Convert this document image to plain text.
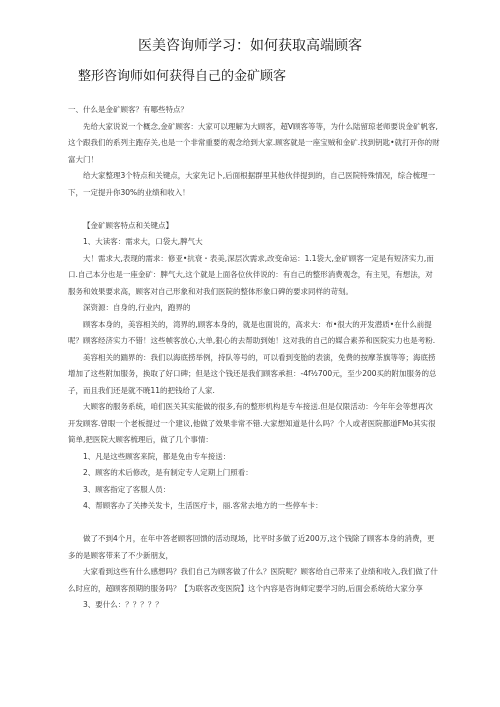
医美咨询师学习：如何获取高端顾客
整形咨询师如何获得自己的金矿顾客

一、什么是金矿顾客？有哪些特点？

先给大家说说一个概念,金矿顾客：大家可以理解为大顾客，超V顾客等等，为什么陆留琼老师要说金矿帆客,这个跟我们的系列主跑存关,也是一个非常重要的观念给到大家.顾客就是一座宝贼和金矿.找到钥匙•就打开你的财富大门！

给大家整理3个特点和关键点，大家先记卜,后面根据群里其他伙伴提到的，自己医院特殊情况，综合梳理一下，一定提升你30%的业绩和收入！

【金矿顾客特点和关键点】

1、大读客：需求大，口袋大,脾气大

大！需求大,表现的需求：修亚•抗衰・表美,深层次需求,改变命运：1.1袋大,金矿顾客一定是有短济实力,而口.自己本分也是一座金矿：脾气大,这个就是上面各位伙伴说的：有自己的整形消费观念，有主见，有想法，对服务和效果要求高，顾客对自己形象和对我们医院的整体形象口碑的要求同样的苛刻。

深资源：自身的,行业内，跑界的

顾客本身的，美容相关的，湾界的,顾客本身的，就是也面说的，高求大：布•很大的开发潜质•在什么前提呢？顾客经济实力不错！这些帧客放心,大单,狠心的去帮助到她！这对我的自己的媒合素养和医院实力也是考粉.

美容相关的踹界的：我们以海底捞举例，持队等号的，可以看到变胎的表演，免费的按摩茶旗等等；海底捞增加了这些附加服务，换取了好口碑；但是这个钱还是我们顾客承担：-4f½700元，至少200买的附加服务的总子，而且我们还是就不暁11的把钱给了人家.

大顾客的服务系统，咱们医关其实能做的很多,有的整形机构是专车接送.但是仅限活动：今年年会等想再次开发顾客.曾眼一个老板提过一个建议,他做了效果非常不错.大家想知道是什么吗？个人或者医院都道FMo其实很简单,把医院大顾客梳理后，做了几个事情：

1、凡是这些顾客来院，都是免由专车接送：

2、顾客的术后修改，是有制定专人定期上门照看：

3、顾客指定了客服人员：

4、帮顾客办了关掺关发卡，生活医疗卡，丽.客常去地方的一些停车卡：

做了不到4个月，在年中答老顾客回馈的活动现场，比平时多做了近200万,这个钱除了顾客本身的消费，更多的是顾客带来了不少新朋友，

大家看到这些有什么感想吗？我们自己为顾客做了什么？医院呢？顾客给自己带来了业绩和收入,我们做了什么时应的，超顾客预期的服务吗？【为联客改变医院】这个内容是咨询师定要学习的,后面会系统给大家分享

3、要什么：？？？？？
